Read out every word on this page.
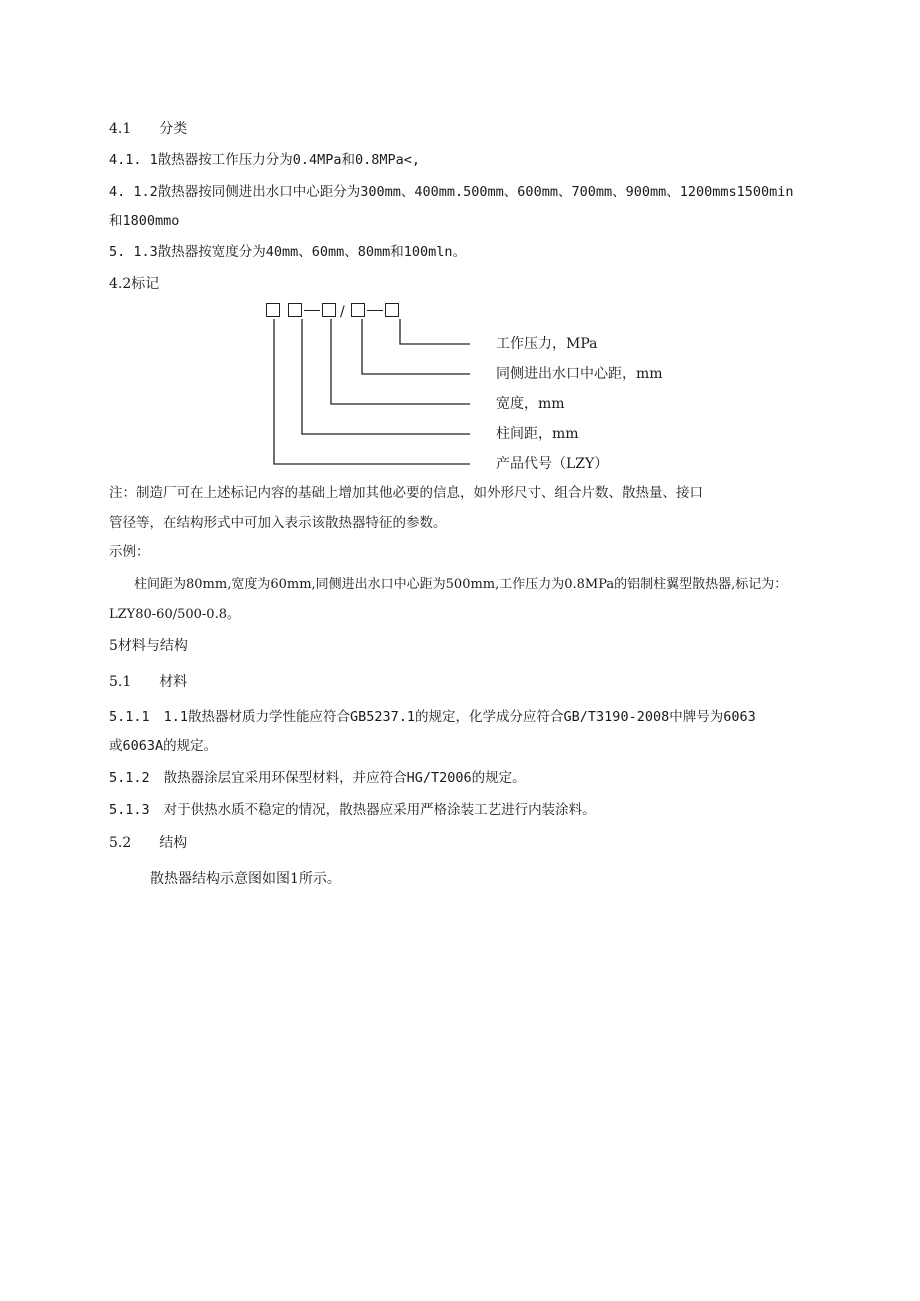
4.1 分类
4.1. 1散热器按工作压力分为0.4MPa和0.8MPa<,
4. 1.2散热器按同侧进出水口中心距分为300mm、400mm.500mm、600mm、700mm、900mm、1200mms1500min
和1800mmo
5. 1.3散热器按宽度分为40mm、60mm、80mm和100mln。
4.2标记
/
工作压力，MPa
同侧进出水口中心距，mm
宽度，mm
柱间距，mm
产品代号（LZY）
注：制造厂可在上述标记内容的基础上增加其他必要的信息，如外形尺寸、组合片数、散热量、接口
管径等，在结构形式中可加入表示该散热器特征的参数。
示例：
柱间距为80mm,宽度为60mm,同侧进出水口中心距为500mm,工作压力为0.8MPa的铝制柱翼型散热器,标记为：
LZY80-60/500-0.8。
5材料与结构
5.1 材料
5.1.1 1.1散热器材质力学性能应符合GB5237.1的规定，化学成分应符合GB/T3190-2008中牌号为6063
或6063A的规定。
5.1.2 散热器涂层宜采用环保型材料，并应符合HG/T2006的规定。
5.1.3 对于供热水质不稳定的情况，散热器应采用严格涂装工艺进行内装涂料。
5.2 结构
散热器结构示意图如图1所示。
